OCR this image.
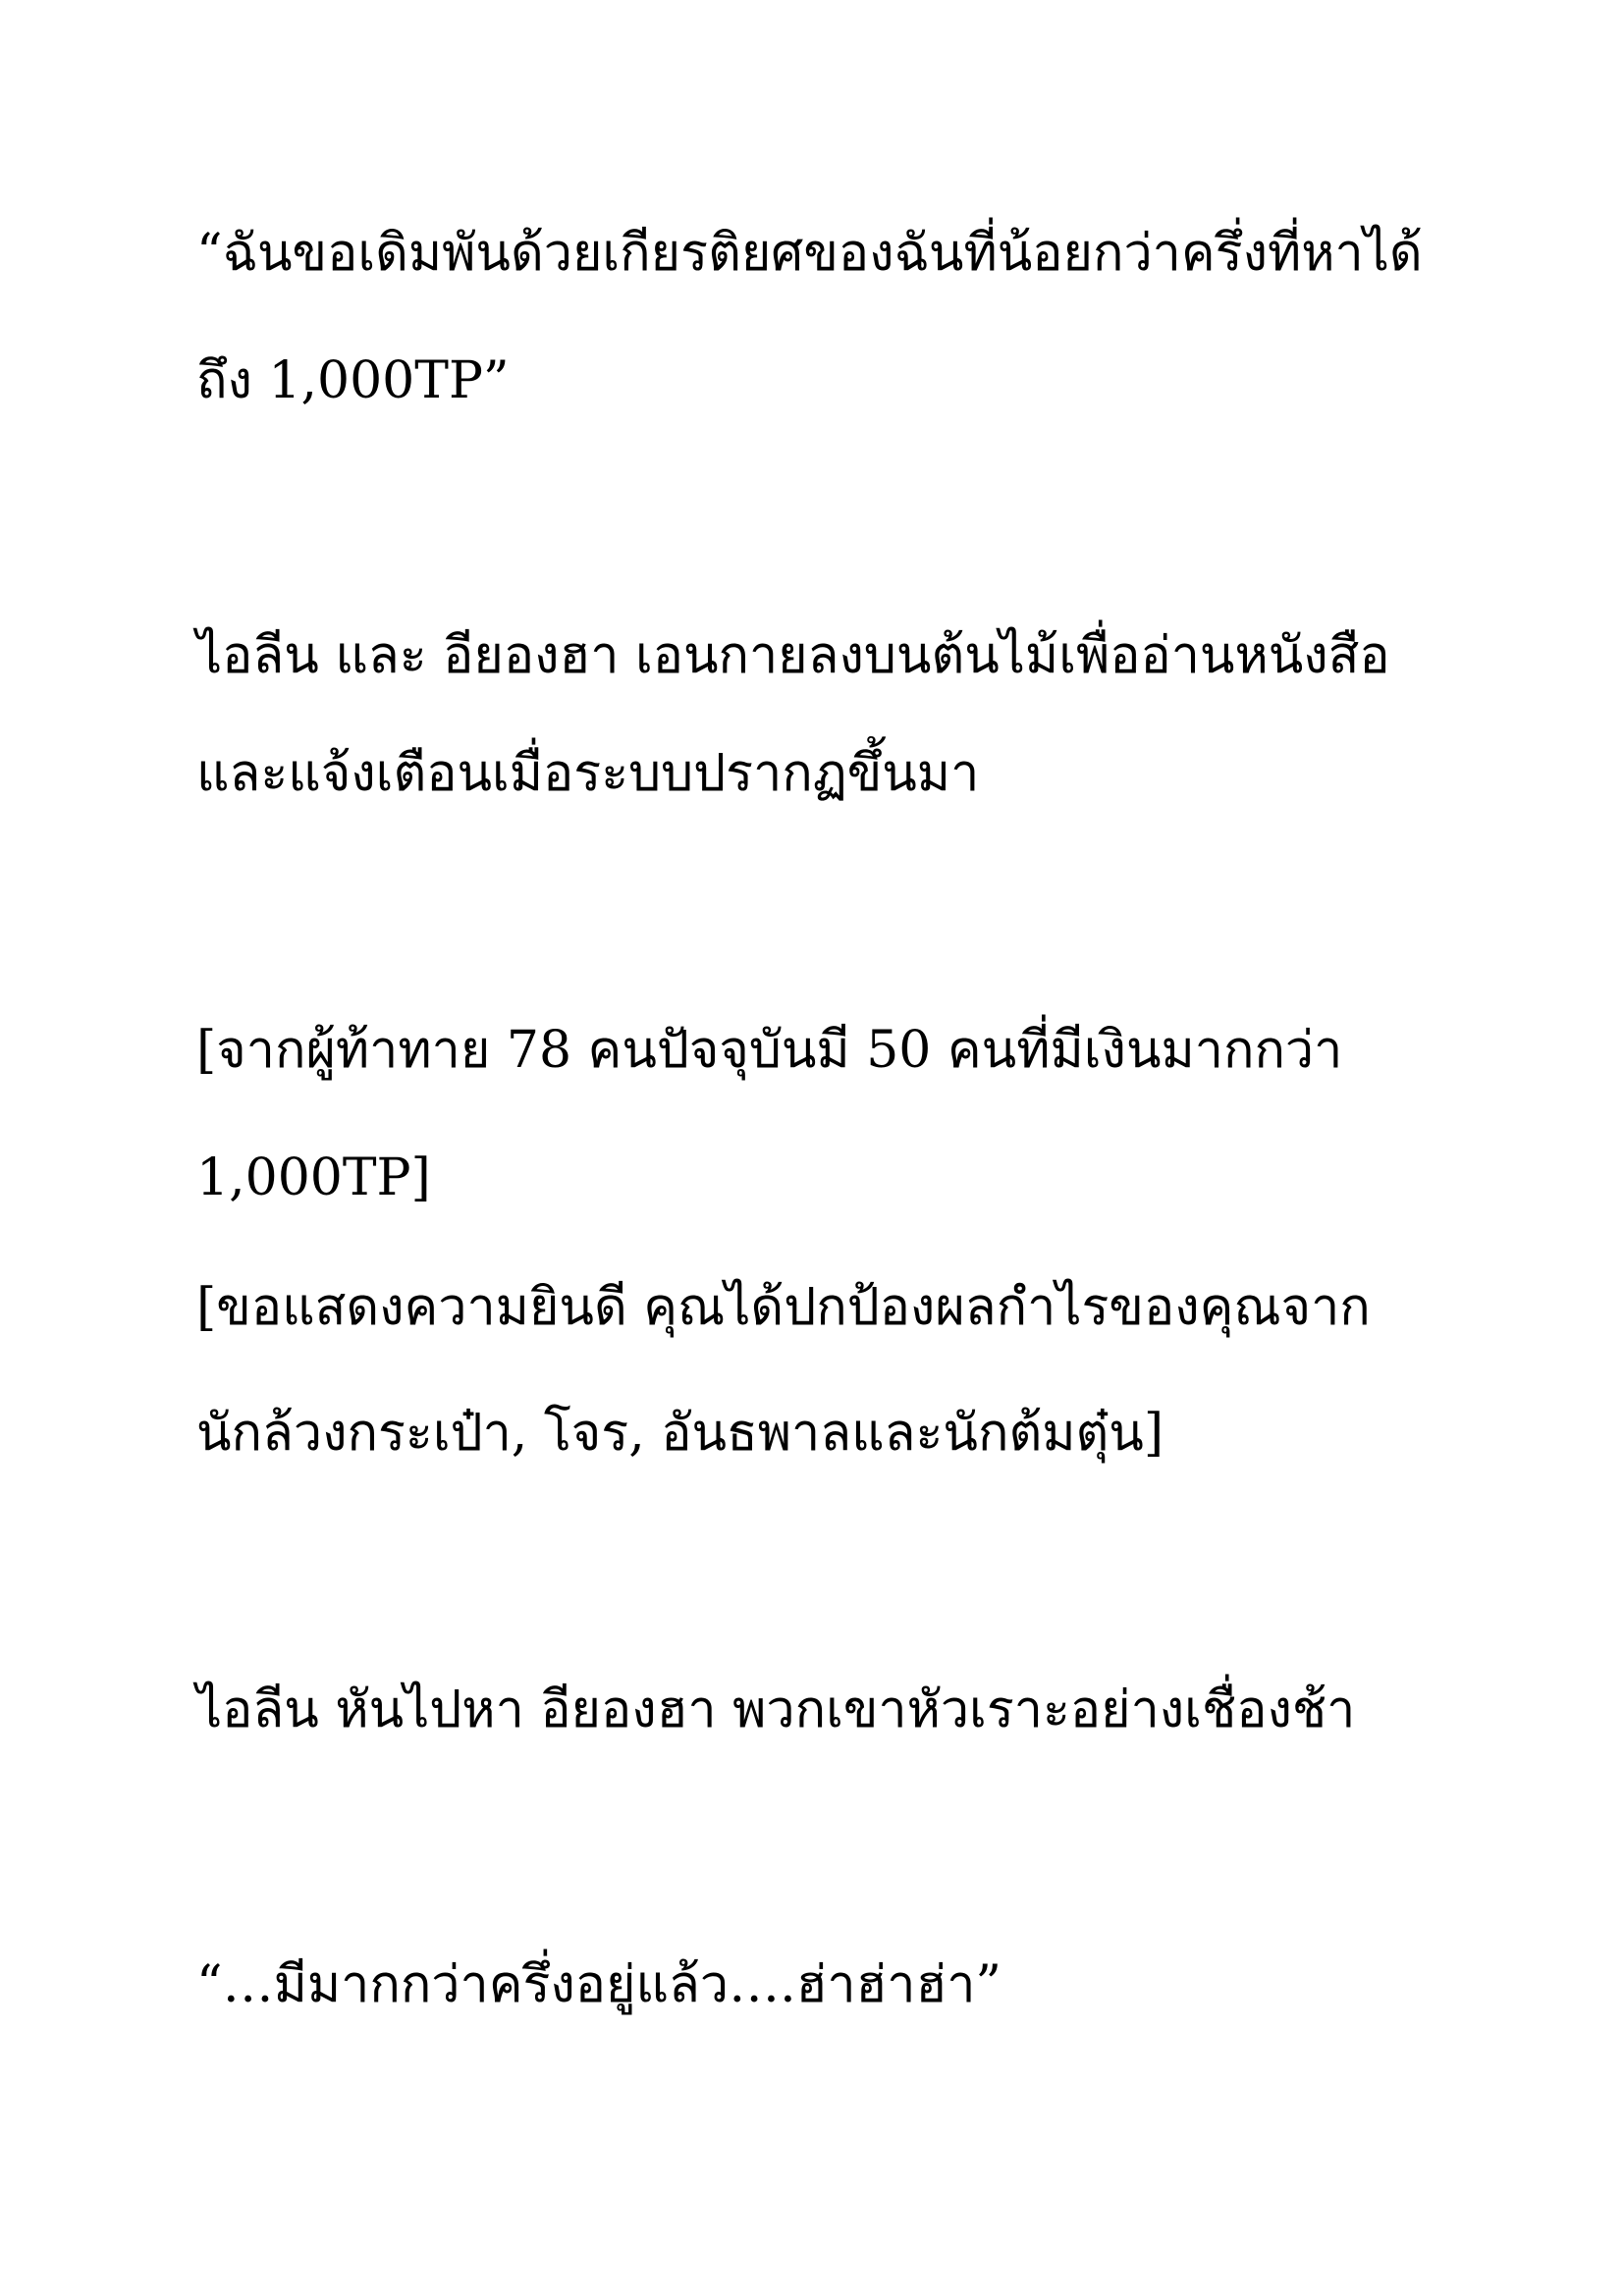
“ฉันขอเดิมพันด้วยเกียรติยศของฉันที่น้อยกว่าครึ่งที่หาได้

ถึง 1,000TP”

ไอลีน และ อียองฮา เอนกายลงบนต้นไม้เพื่ออ่านหนังสือ

และแจ้งเตือนเมื่อระบบปรากฏขึ้นมา

[จากผู้ท้าทาย 78 คนปัจจุบันมี 50 คนที่มีเงินมากกว่า

1,000TP]

[ขอแสดงความยินดี คุณได้ปกป้องผลกำไรของคุณจาก

นักล้วงกระเป๋า, โจร, อันธพาลและนักต้มตุ๋น]

ไอลีน หันไปหา อียองฮา พวกเขาหัวเราะอย่างเชื่องช้า

“…มีมากกว่าครึ่งอยู่แล้ว….ฮ่าฮ่าฮ่า”
